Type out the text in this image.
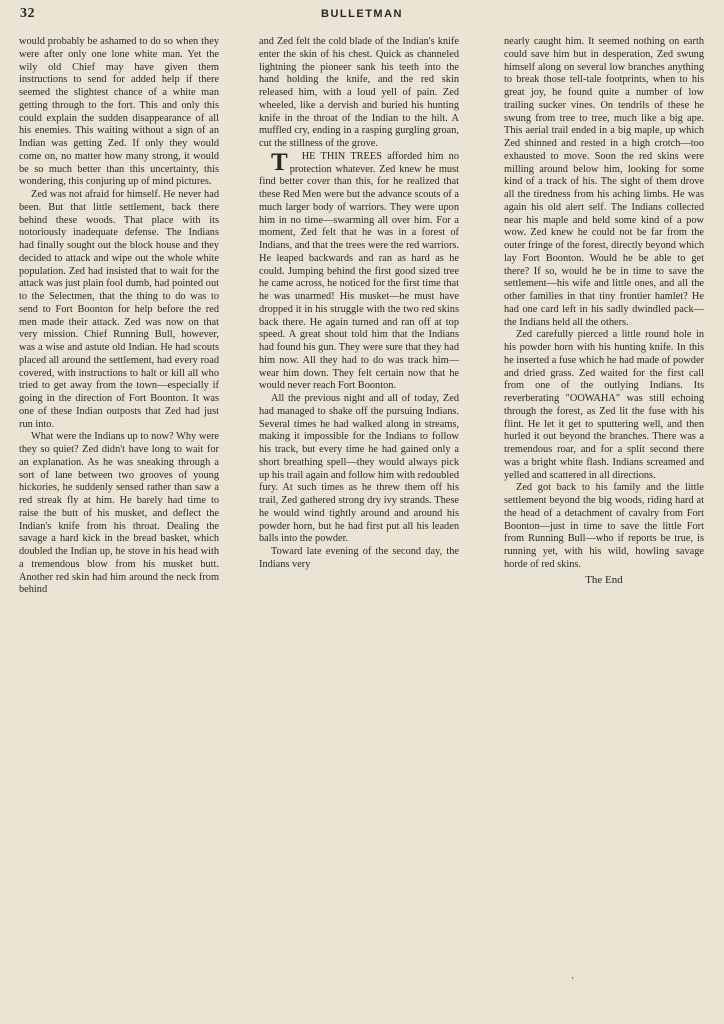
32	BULLETMAN

would probably be ashamed to do so when they were after only one lone white man. Yet the wily old Chief may have given them instructions to send for added help if there seemed the slightest chance of a white man getting through to the fort. This and only this could explain the sudden disappearance of all his enemies. This waiting without a sign of an Indian was getting Zed. If only they would come on, no matter how many strong, it would be so much better than this uncertainty, this wondering, this conjuring up of mind pictures.

Zed was not afraid for himself. He never had been. But that little settlement, back there behind these woods. That place with its notoriously inadequate defense. The Indians had finally sought out the block house and they decided to attack and wipe out the whole white population. Zed had insisted that to wait for the attack was just plain fool dumb, had pointed out to the Selectmen, that the thing to do was to send to Fort Boonton for help before the red men made their attack. Zed was now on that very mission. Chief Running Bull, however, was a wise and astute old Indian. He had scouts placed all around the settlement, had every road covered, with instructions to halt or kill all who tried to get away from the town—especially if going in the direction of Fort Boonton. It was one of these Indian outposts that Zed had just run into.

What were the Indians up to now? Why were they so quiet? Zed didn't have long to wait for an explanation. As he was sneaking through a sort of lane between two grooves of young hickories, he suddenly sensed rather than saw a red streak fly at him. He barely had time to raise the butt of his musket, and deflect the Indian's knife from his throat. Dealing the savage a hard kick in the bread basket, which doubled the Indian up, he stove in his head with a tremendous blow from his musket butt. Another red skin had him around the neck from behind

and Zed felt the cold blade of the Indian's knife enter the skin of his chest. Quick as channeled lightning the pioneer sank his teeth into the hand holding the knife, and the red skin released him, with a loud yell of pain. Zed wheeled, like a dervish and buried his hunting knife in the throat of the Indian to the hilt. A muffled cry, ending in a rasping gurgling groan, cut the stillness of the grove.

T HE THIN TREES afforded him no protection whatever. Zed knew he must find better cover than this, for he realized that these Red Men were but the advance scouts of a much larger body of warriors. They were upon him in no time—swarming all over him. For a moment, Zed felt that he was in a forest of Indians, and that the trees were the red warriors. He leaped backwards and ran as hard as he could. Jumping behind the first good sized tree he came across, he noticed for the first time that he was unarmed! His musket—he must have dropped it in his struggle with the two red skins back there. He again turned and ran off at top speed. A great shout told him that the Indians had found his gun. They were sure that they had him now. All they had to do was track him—wear him down. They felt certain now that he would never reach Fort Boonton.

All the previous night and all of today, Zed had managed to shake off the pursuing Indians. Several times he had walked along in streams, making it impossible for the Indians to follow his track, but every time he had gained only a short breathing spell—they would always pick up his trail again and follow him with redoubled fury. At such times as he threw them off his trail, Zed gathered strong dry ivy strands. These he would wind tightly around and around his powder horn, but he had first put all his leaden balls into the powder.

Toward late evening of the second day, the Indians very

nearly caught him. It seemed nothing on earth could save him but in desperation, Zed swung himself along on several low branches anything to break those tell-tale footprints, when to his great joy, he found quite a number of low trailing sucker vines. On tendrils of these he swung from tree to tree, much like a big ape. This aerial trail ended in a big maple, up which Zed shinned and rested in a high crotch—too exhausted to move. Soon the red skins were milling around below him, looking for some kind of a track of his. The sight of them drove all the tiredness from his aching limbs. He was again his old alert self. The Indians collected near his maple and held some kind of a pow wow. Zed knew he could not be far from the outer fringe of the forest, directly beyond which lay Fort Boonton. Would he be able to get there? If so, would he be in time to save the settlement—his wife and little ones, and all the other families in that tiny frontier hamlet? He had one card left in his sadly dwindled pack—the Indians held all the others.

Zed carefully pierced a little round hole in his powder horn with his hunting knife. In this he inserted a fuse which he had made of powder and dried grass. Zed waited for the first call from one of the outlying Indians. Its reverberating "OOWAHA" was still echoing through the forest, as Zed lit the fuse with his flint. He let it get to sputtering well, and then hurled it out beyond the branches. There was a tremendous roar, and for a split second there was a bright white flash. Indians screamed and yelled and scattered in all directions.

Zed got back to his family and the little settlement beyond the big woods, riding hard at the head of a detachment of cavalry from Fort Boonton—just in time to save the little Fort from Running Bull—who if reports be true, is running yet, with his wild, howling savage horde of red skins.

The End
’
